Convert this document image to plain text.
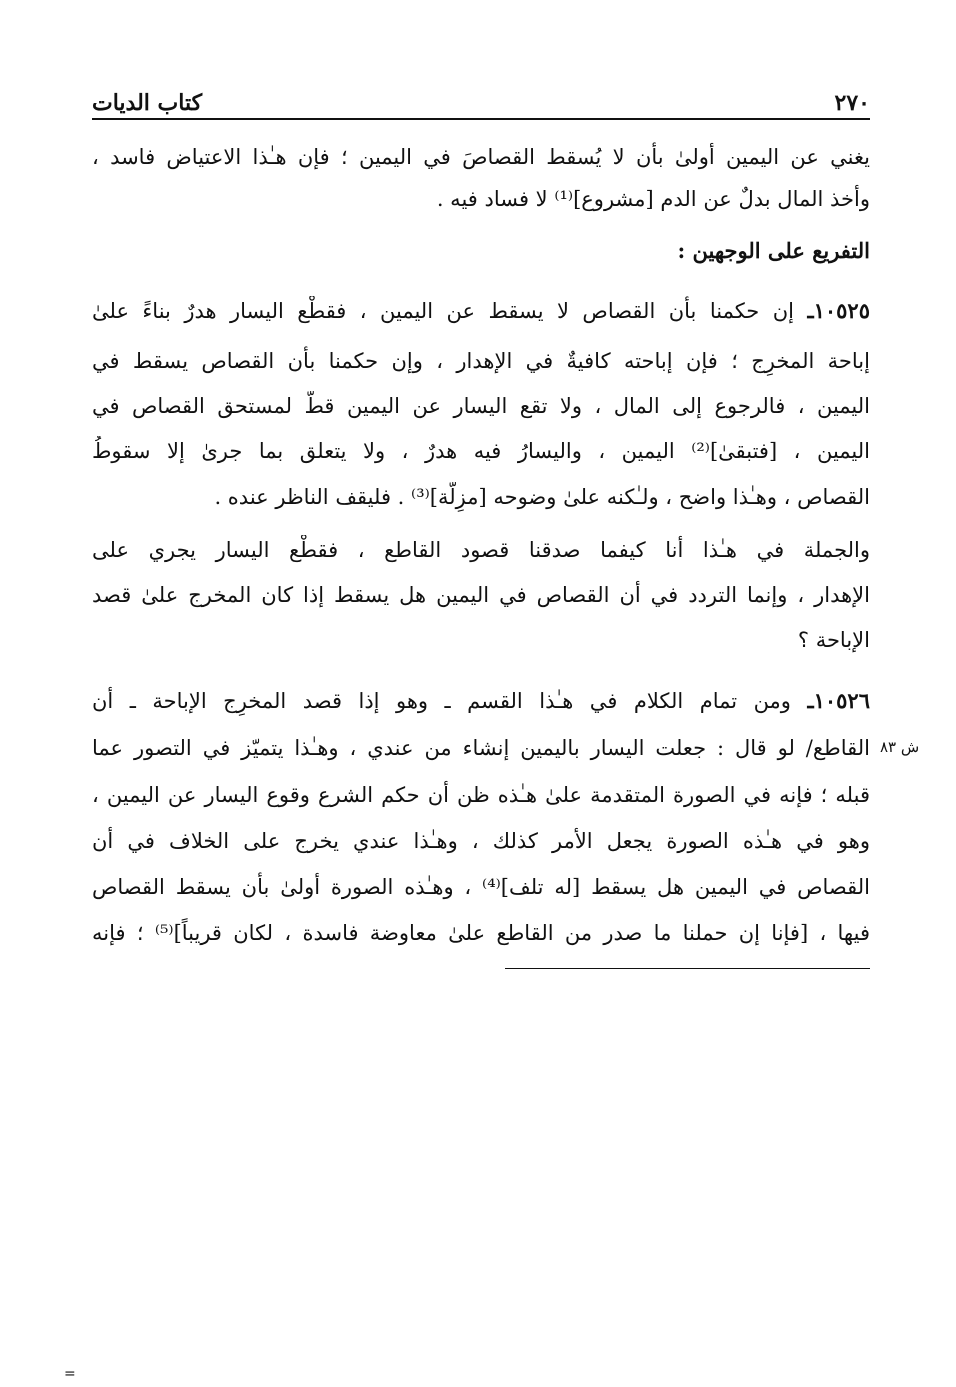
٢٧٠
كتاب الديات
ش ٨٣
يغني عن اليمين أولىٰ بأن لا يُسقط القصاصَ في اليمين ؛ فإن هـٰذا الاعتياض فاسد ،
وأخذ المال بدلٌ عن الدم [مشروع]⁽¹⁾ لا فساد فيه .
التفريع على الوجهين :
١٠٥٢٥ـ إن حكمنا بأن القصاص لا يسقط عن اليمين ، فقطْع اليسار هدرٌ بناءً علىٰ
إباحة المخرِج ؛ فإن إباحته كافيةٌ في الإهدار ، وإن حكمنا بأن القصاص يسقط في
اليمين ، فالرجوع إلى المال ، ولا تقع اليسار عن اليمين قطّ لمستحق القصاص في
اليمين ، [فتبقىٰ]⁽²⁾ اليمين ، واليسارُ فيه هدرٌ ، ولا يتعلق بما جرىٰ إلا سقوطُ
القصاص ، وهـٰذا واضح ، ولـٰكنه علىٰ وضوحه [مزِلّة]⁽³⁾ . فليقف الناظر عنده .
والجملة في هـٰذا أنا كيفما صدقنا قصود القاطع ، فقطْع اليسار يجري على
الإهدار ، وإنما التردد في أن القصاص في اليمين هل يسقط إذا كان المخرج علىٰ قصد
الإباحة ؟
١٠٥٢٦ـ ومن تمام الكلام في هـٰذا القسم ـ وهو إذا قصد المخرِج الإباحة ـ أن
القاطع/ لو قال : جعلت اليسار باليمين إنشاء من عندي ، وهـٰذا يتميّز في التصور عما
قبله ؛ فإنه في الصورة المتقدمة علىٰ هـٰذه ظن أن حكم الشرع وقوع اليسار عن اليمين ،
وهو في هـٰذه الصورة يجعل الأمر كذلك ، وهـٰذا عندي يخرج على الخلاف في أن
القصاص في اليمين هل يسقط [له تلف]⁽⁴⁾ ، وهـٰذه الصورة أولىٰ بأن يسقط القصاص
فيها ، [فإنا إن حملنا ما صدر من القاطع علىٰ معاوضة فاسدة ، لكان قريباً]⁽⁵⁾ ؛ فإنه
=
